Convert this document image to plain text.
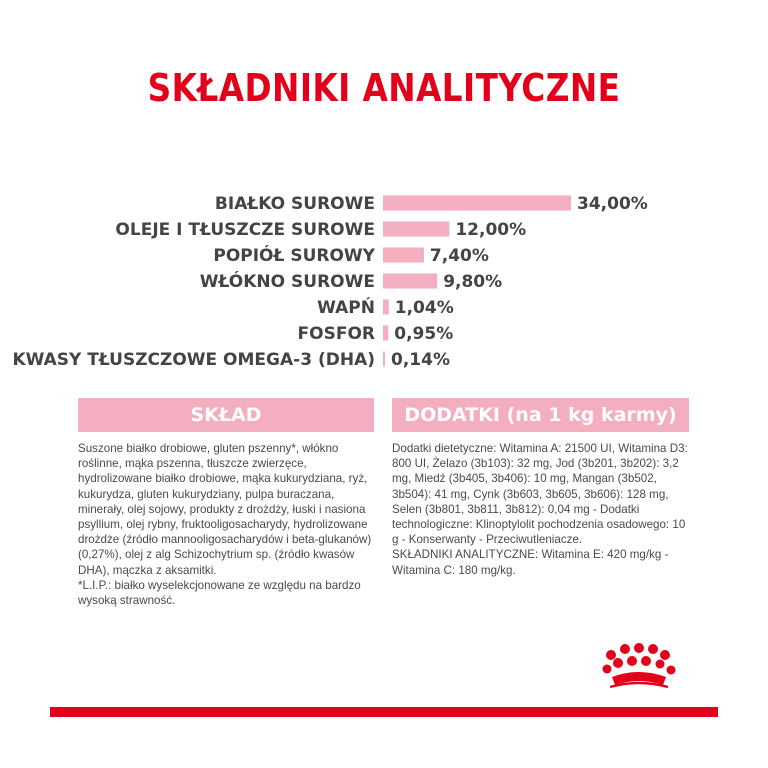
SKŁADNIKI ANALITYCZNE
BIAŁKO SUROWE	34,00%
OLEJE I TŁUSZCZE SUROWE	12,00%
POPIÓŁ SUROWY	7,40%
WŁÓKNO SUROWE	9,80%
WAPŃ 1,04%
FOSFOR 0,95%
KWASY TŁUSZCZOWE OMEGA-3 (DHA) 0,14%
SKŁAD	DODATKI (na 1 kg karmy)

Suszone białko drobiowe, gluten pszenny*, włókno roślinne, mąka pszenna, tłuszcze zwierzęce, hydrolizowane białko drobiowe, mąka kukurydziana, ryż, kukurydza, gluten kukurydziany, pulpa buraczana, minerały, olej sojowy, produkty z drożdży, łuski i nasiona psyllium, olej rybny, fruktooligosacharydy, hydrolizowane drożdże (źródło mannooligosacharydów i beta-glukanów) (0,27%), olej z alg Schizochytrium sp. (źródło kwasów DHA), mączka z aksamitki.

*L.I.P.: białko wyselekcjonowane ze względu na bardzo wysoką strawność.

Dodatki dietetyczne: Witamina A: 21500 UI, Witamina D3: 800 UI, Żelazo (3b103): 32 mg, Jod (3b201, 3b202): 3,2 mg, Miedź (3b405, 3b406): 10 mg, Mangan (3b502, 3b504): 41 mg, Cynk (3b603, 3b605, 3b606): 128 mg, Selen (3b801, 3b811, 3b812): 0,04 mg - Dodatki technologiczne: Klinoptylolit pochodzenia osadowego: 10 g - Konserwanty - Przeciwutleniacze.

SKŁADNIKI ANALITYCZNE: Witamina E: 420 mg/kg - Witamina C: 180 mg/kg.
